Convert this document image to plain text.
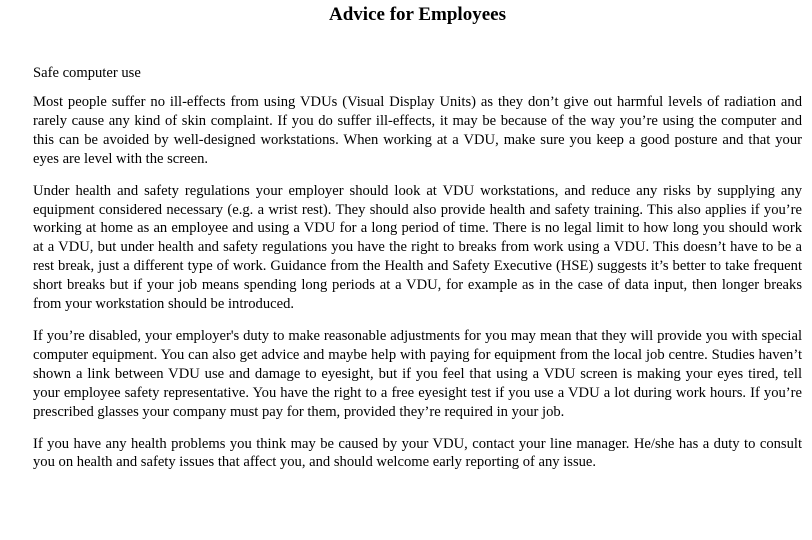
Advice for Employees

Safe computer use

Most people suffer no ill-effects from using VDUs (Visual Display Units) as they don’t give out harmful levels of radiation and rarely cause any kind of skin complaint. If you do suffer ill-effects, it may be because of the way you’re using the computer and this can be avoided by well-designed workstations. When working at a VDU, make sure you keep a good posture and that your eyes are level with the screen.

Under health and safety regulations your employer should look at VDU workstations, and reduce any risks by supplying any equipment considered necessary (e.g. a wrist rest). They should also provide health and safety training. This also applies if you’re working at home as an employee and using a VDU for a long period of time. There is no legal limit to how long you should work at a VDU, but under health and safety regulations you have the right to breaks from work using a VDU. This doesn’t have to be a rest break, just a different type of work. Guidance from the Health and Safety Executive (HSE) suggests it’s better to take frequent short breaks but if your job means spending long periods at a VDU, for example as in the case of data input, then longer breaks from your workstation should be introduced.

If you’re disabled, your employer's duty to make reasonable adjustments for you may mean that they will provide you with special computer equipment. You can also get advice and maybe help with paying for equipment from the local job centre. Studies haven’t shown a link between VDU use and damage to eyesight, but if you feel that using a VDU screen is making your eyes tired, tell your employee safety representative. You have the right to a free eyesight test if you use a VDU a lot during work hours. If you’re prescribed glasses your company must pay for them, provided they’re required in your job.

If you have any health problems you think may be caused by your VDU, contact your line manager. He/she has a duty to consult you on health and safety issues that affect you, and should welcome early reporting of any issue.
